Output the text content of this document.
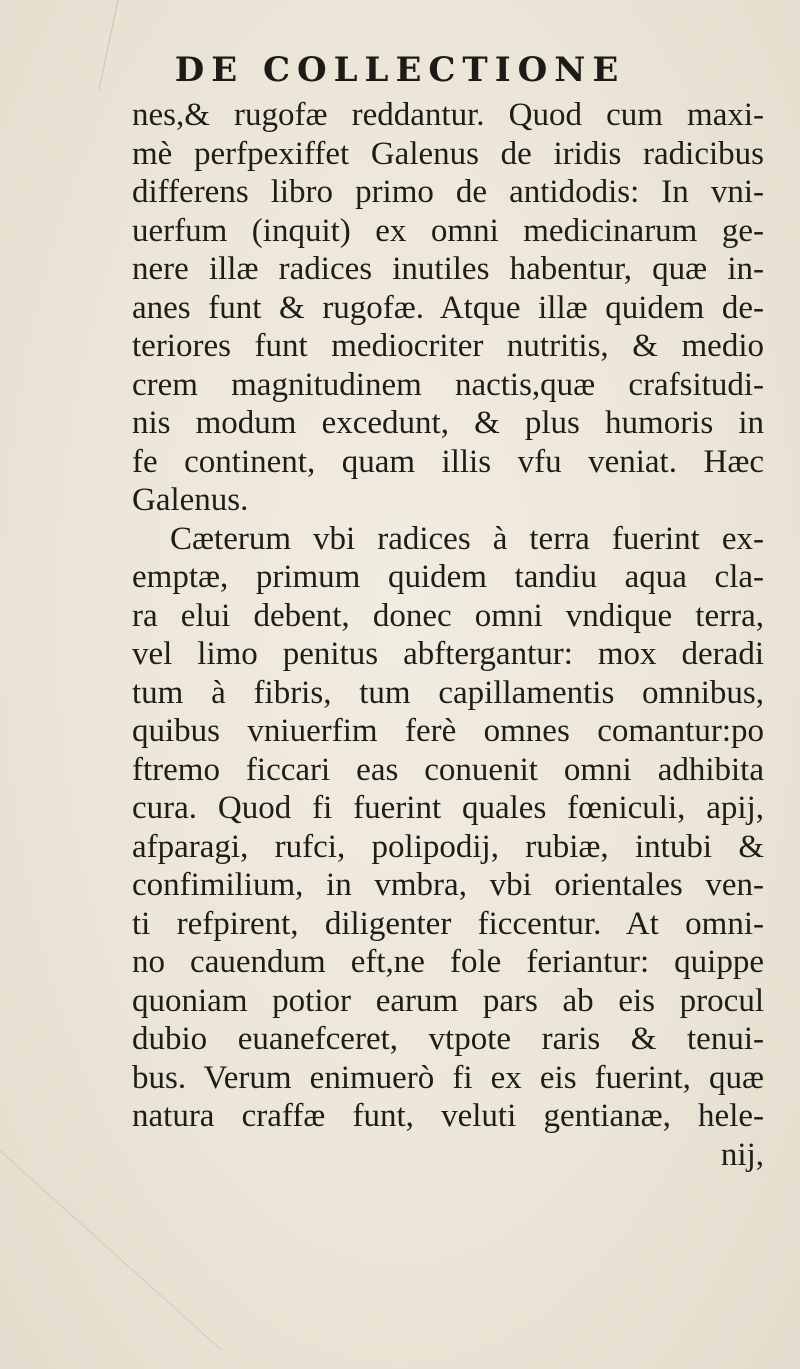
DE COLLECTIONE
nes,& rugofæ reddantur. Quod cum maxi-
mè perfpexiffet Galenus de iridis radicibus
differens libro primo de antidodis: In vni-
uerfum (inquit) ex omni medicinarum ge-
nere illæ radices inutiles habentur, quæ in-
anes funt & rugofæ. Atque illæ quidem de-
teriores funt mediocriter nutritis, & medio
crem magnitudinem nactis,quæ crafsitudi-
nis modum excedunt, & plus humoris in
fe continent, quam illis vfu veniat. Hæc
Galenus.
Cæterum vbi radices à terra fuerint ex-
emptæ, primum quidem tandiu aqua cla-
ra elui debent, donec omni vndique terra,
vel limo penitus abftergantur: mox deradi
tum à fibris, tum capillamentis omnibus,
quibus vniuerfim ferè omnes comantur:po
ftremo ficcari eas conuenit omni adhibita
cura. Quod fi fuerint quales fœniculi, apij,
afparagi, rufci, polipodij, rubiæ, intubi &
confimilium, in vmbra, vbi orientales ven-
ti refpirent, diligenter ficcentur. At omni-
no cauendum eft,ne fole feriantur: quippe
quoniam potior earum pars ab eis procul
dubio euanefceret, vtpote raris & tenui-
bus. Verum enimuerò fi ex eis fuerint, quæ
natura craffæ funt, veluti gentianæ, hele-
nij,
